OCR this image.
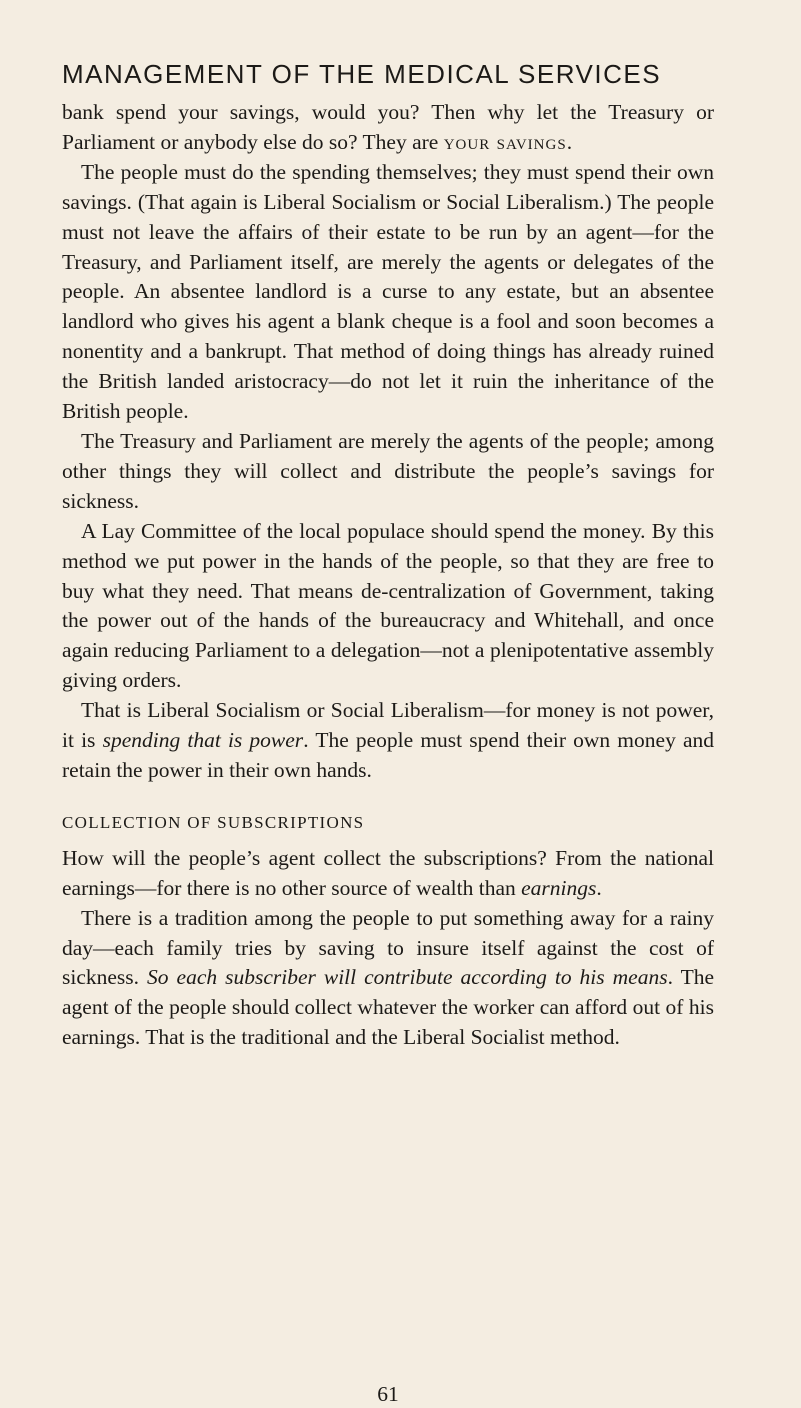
MANAGEMENT OF THE MEDICAL SERVICES

bank spend your savings, would you? Then why let the Treasury or Parliament or anybody else do so? They are your savings.

The people must do the spending themselves; they must spend their own savings. (That again is Liberal Socialism or Social Liberalism.) The people must not leave the affairs of their estate to be run by an agent—for the Treasury, and Parliament itself, are merely the agents or delegates of the people. An absentee landlord is a curse to any estate, but an absentee landlord who gives his agent a blank cheque is a fool and soon becomes a nonentity and a bankrupt. That method of doing things has already ruined the British landed aristocracy—do not let it ruin the inheritance of the British people.

The Treasury and Parliament are merely the agents of the people; among other things they will collect and distribute the people’s savings for sickness.

A Lay Committee of the local populace should spend the money. By this method we put power in the hands of the people, so that they are free to buy what they need. That means de-centralization of Government, taking the power out of the hands of the bureaucracy and Whitehall, and once again reducing Parliament to a delegation—not a plenipotentative assembly giving orders.

That is Liberal Socialism or Social Liberalism—for money is not power, it is spending that is power. The people must spend their own money and retain the power in their own hands.

COLLECTION OF SUBSCRIPTIONS

How will the people’s agent collect the subscriptions? From the national earnings—for there is no other source of wealth than earnings.

There is a tradition among the people to put something away for a rainy day—each family tries by saving to insure itself against the cost of sickness. So each subscriber will contribute according to his means. The agent of the people should collect whatever the worker can afford out of his earnings. That is the traditional and the Liberal Socialist method.

61
